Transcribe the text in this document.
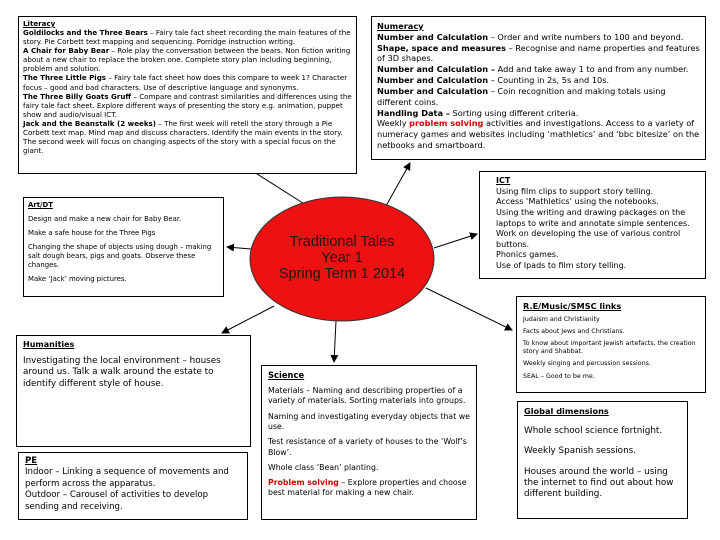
Traditional Tales
Year 1
Spring Term 1 2014

Literacy

Goldilocks and the Three Bears – Fairy tale fact sheet recording the main features of the story. Pie Corbett text mapping and sequencing. Porridge instruction writing.

A Chair for Baby Bear – Role play the conversation between the bears. Non fiction writing about a new chair to replace the broken one. Complete story plan including beginning, problem and solution.

The Three Little Pigs – Fairy tale fact sheet how does this compare to week 1? Character focus – good and bad characters. Use of descriptive language and synonyms.

The Three Billy Goats Gruff – Compare and contrast similarities and differences using the fairy tale fact sheet. Explore different ways of presenting the story e.g. animation, puppet show and audio/visual ICT.

Jack and the Beanstalk (2 weeks) – The first week will retell the story through a Pie Corbett text map. Mind map and discuss characters. Identify the main events in the story. The second week will focus on changing aspects of the story with a special focus on the giant.

Numeracy

Number and Calculation – Order and write numbers to 100 and beyond.

Shape, space and measures – Recognise and name properties and features of 3D shapes.

Number and Calculation – Add and take away 1 to and from any number.

Number and Calculation – Counting in 2s, 5s and 10s.

Number and Calculation – Coin recognition and making totals using different coins.

Handling Data – Sorting using different criteria.

Weekly problem solving activities and investigations. Access to a variety of numeracy games and websites including ‘mathletics’ and ‘bbc bitesize’ on the netbooks and smartboard.

Art/DT

Design and make a new chair for Baby Bear.

Make a safe house for the Three Pigs

Changing the shape of objects using dough – making salt dough bears, pigs and goats. Observe these changes.

Make ‘Jack’ moving pictures.

ICT

Using film clips to support story telling.

Access ‘Mathletics’ using the notebooks.

Using the writing and drawing packages on the laptops to write and annotate simple sentences. Work on developing the use of various control buttons.

Phonics games.

Use of Ipads to film story telling.

R.E/Music/SMSC links

Judaism and Christianity

Facts about Jews and Christians.

To know about important Jewish artefacts, the creation story and Shabbat.

Weekly singing and percussion sessions.

SEAL – Good to be me.

Humanities

Investigating the local environment – houses around us. Talk a walk around the estate to identify different style of house.

Science

Materials – Naming and describing properties of a variety of materials. Sorting materials into groups.

Naming and investigating everyday objects that we use.

Test resistance of a variety of houses to the ‘Wolf’s Blow’.

Whole class ‘Bean’ planting.

Problem solving – Explore properties and choose best material for making a new chair.

Global dimensions

Whole school science fortnight.

Weekly Spanish sessions.

Houses around the world – using the internet to find out about how different building.

PE

Indoor – Linking a sequence of movements and perform across the apparatus.

Outdoor – Carousel of activities to develop sending and receiving.
